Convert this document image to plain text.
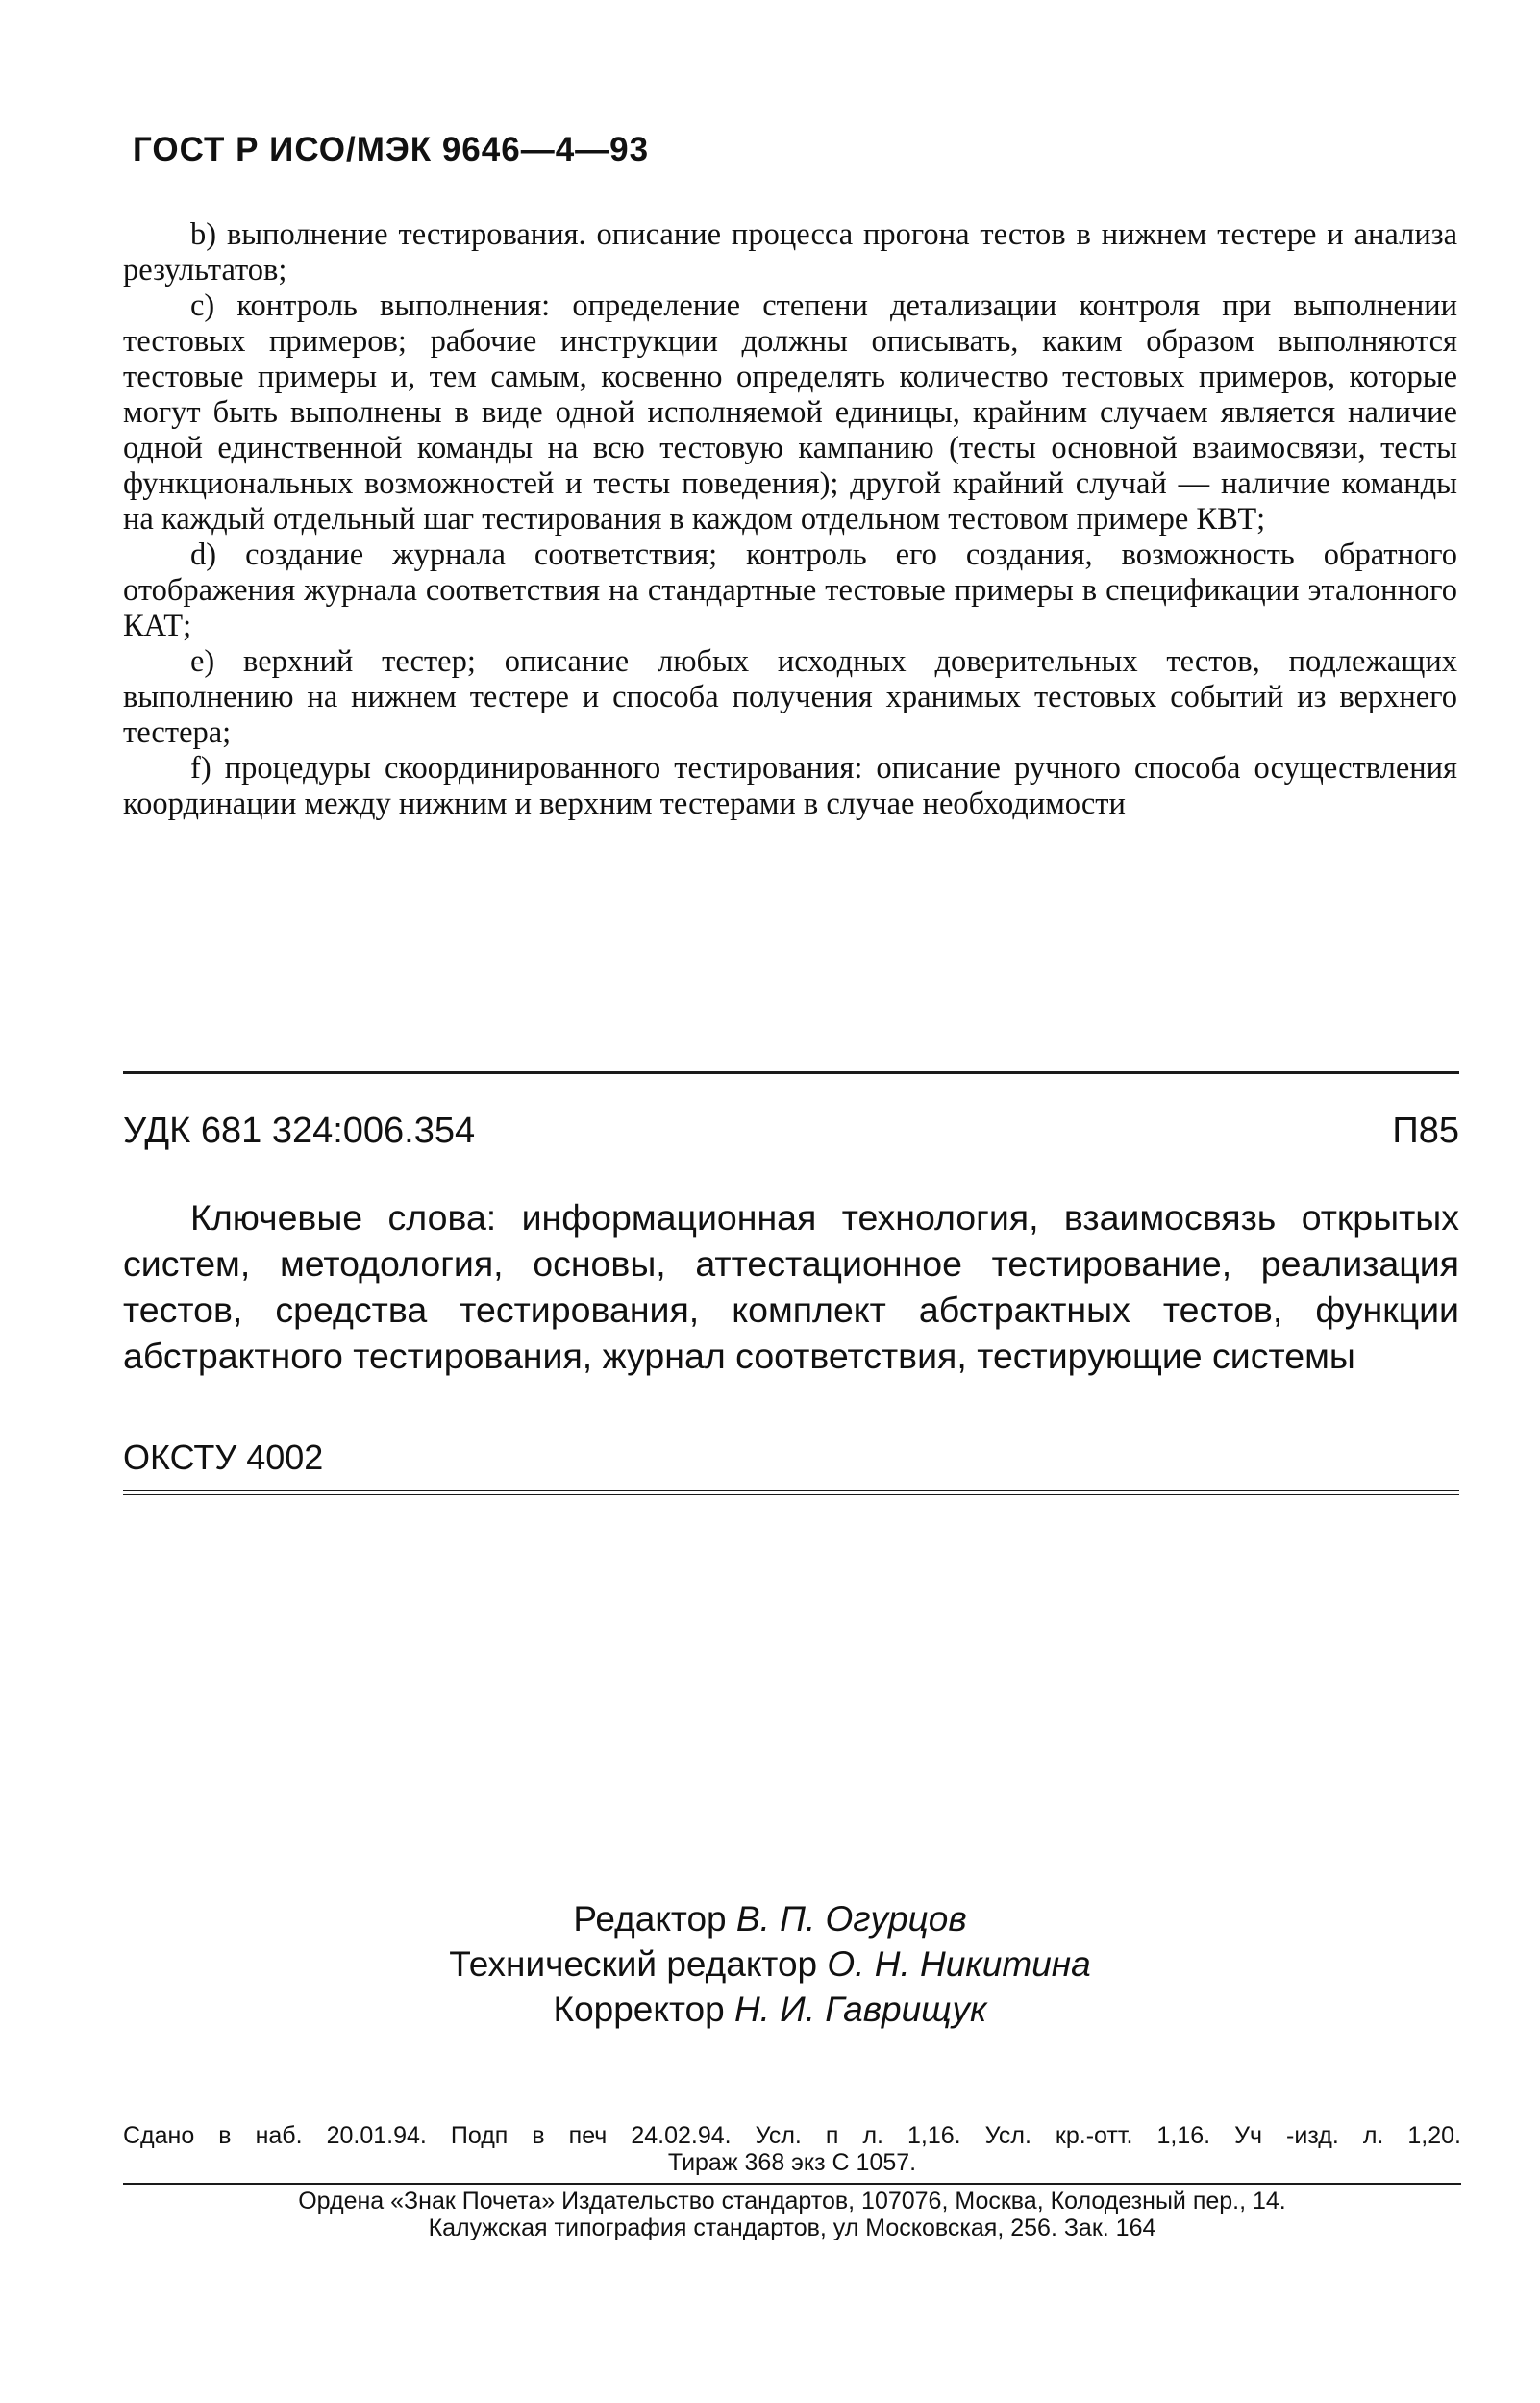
ГОСТ Р ИСО/МЭК 9646—4—93

b) выполнение тестирования. описание процесса прогона тестов в нижнем тестере и анализа результатов;

c) контроль выполнения: определение степени детализации контроля при выполнении тестовых примеров; рабочие инструкции должны описывать, каким образом выполняются тестовые примеры и, тем самым, косвенно определять количество тестовых примеров, которые могут быть выполнены в виде одной исполняемой единицы, крайним случаем является наличие одной единственной команды на всю тестовую кампанию (тесты основной взаимосвязи, тесты функциональных возможностей и тесты поведения); другой крайний случай — наличие команды на каждый отдельный шаг тестирования в каждом отдельном тестовом примере КВТ;

d) создание журнала соответствия; контроль его создания, возможность обратного отображения журнала соответствия на стандартные тестовые примеры в спецификации эталонного КАТ;

e) верхний тестер; описание любых исходных доверительных тестов, подлежащих выполнению на нижнем тестере и способа получения хранимых тестовых событий из верхнего тестера;

f) процедуры скоординированного тестирования: описание ручного способа осуществления координации между нижним и верхним тестерами в случае необходимости

УДК 681 324:006.354	П85
Ключевые слова: информационная технология, взаимосвязь открытых систем, методология, основы, аттестационное тестирование, реализация тестов, средства тестирования, комплект абстрактных тестов, функции абстрактного тестирования, журнал соответствия, тестирующие системы
ОКСТУ 4002
Редактор В. П. Огурцов
Технический редактор О. Н. Никитина
Корректор Н. И. Гаврищук
Сдано в наб. 20.01.94. Подп в печ 24.02.94. Усл. п л. 1,16. Усл. кр.-отт. 1,16. Уч -изд. л. 1,20.
Тираж 368 экз С 1057.
Ордена «Знак Почета» Издательство стандартов, 107076, Москва, Колодезный пер., 14.
Калужская типография стандартов, ул Московская, 256. Зак. 164
